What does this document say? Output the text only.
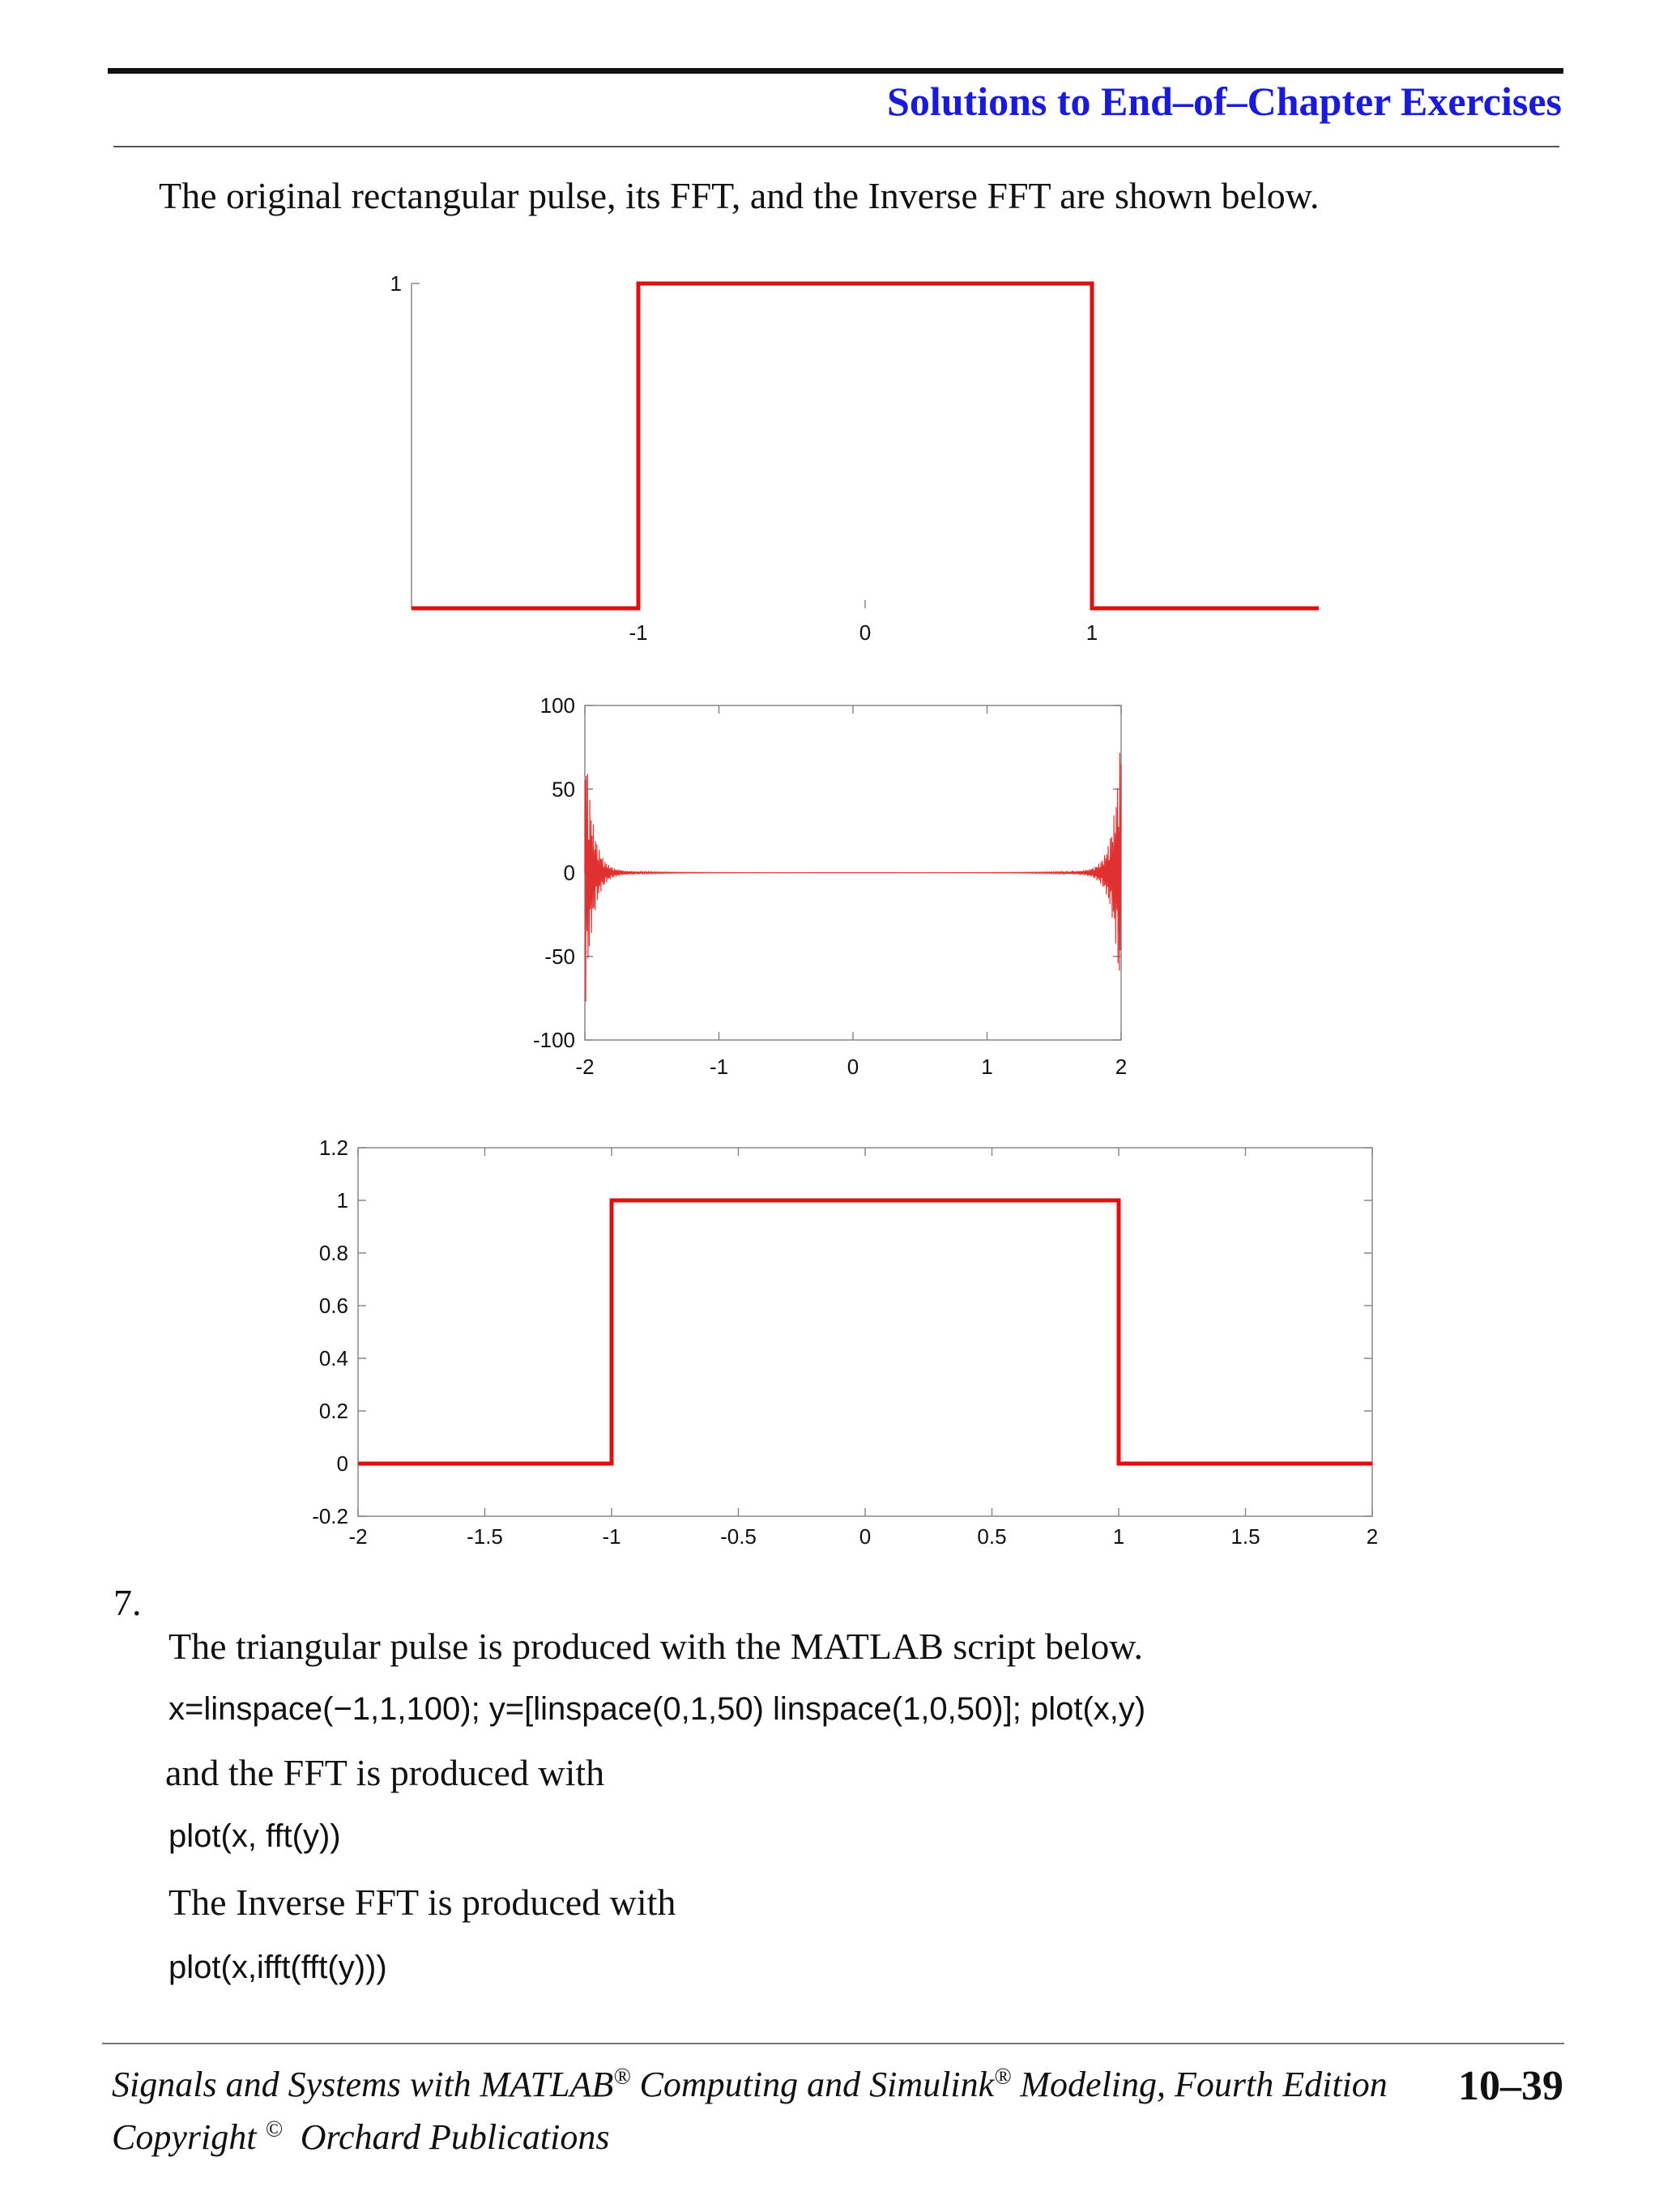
Solutions to End–of–Chapter Exercises
The original rectangular pulse, its FFT, and the Inverse FFT are shown below.
-1	0	1
1
-2	-1	0	1	2
100
50
0
-50
-100
-2	-1.5	-1	-0.5	0	0.5	1	1.5	2
1.2
1
0.8
0.6
0.4
0.2
0
-0.2
7.
The triangular pulse is produced with the MATLAB script below.
x=linspace(−1,1,100); y=[linspace(0,1,50) linspace(1,0,50)]; plot(x,y)
and the FFT is produced with
plot(x, fft(y))
The Inverse FFT is produced with
plot(x,ifft(fft(y)))
Signals and Systems with MATLAB® Computing and Simulink® Modeling, Fourth Edition
Copyright © Orchard Publications
10–39
